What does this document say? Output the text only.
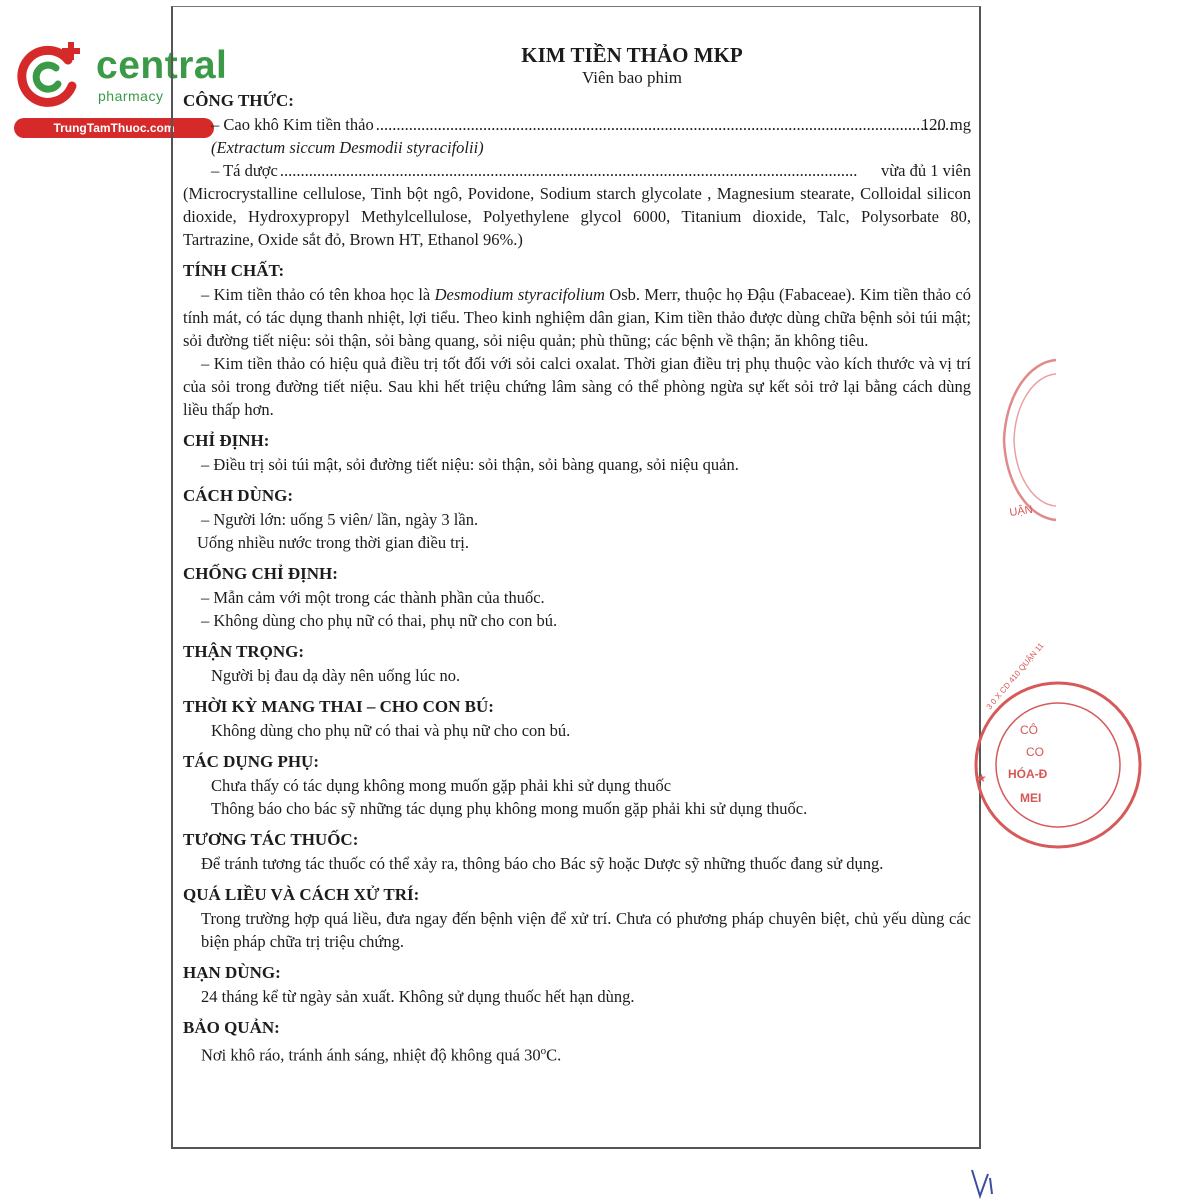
central
pharmacy
TrungTamThuoc.com
KIM TIỀN THẢO MKP
Viên bao phim
CÔNG THỨC:
– Cao khô Kim tiền thảo .....	120 mg
(Extractum siccum Desmodii styracifolii)
– Tá dược .....	vừa đủ 1 viên
(Microcrystalline cellulose, Tinh bột ngô, Povidone, Sodium starch glycolate , Magnesium stearate, Colloidal silicon dioxide, Hydroxypropyl Methylcellulose, Polyethylene glycol 6000, Titanium dioxide, Talc, Polysorbate 80, Tartrazine, Oxide sắt đỏ, Brown HT, Ethanol 96%.)
TÍNH CHẤT:
– Kim tiền thảo có tên khoa học là Desmodium styracifolium Osb. Merr, thuộc họ Đậu (Fabaceae). Kim tiền thảo có tính mát, có tác dụng thanh nhiệt, lợi tiểu. Theo kinh nghiệm dân gian, Kim tiền thảo được dùng chữa bệnh sỏi túi mật; sỏi đường tiết niệu: sỏi thận, sỏi bàng quang, sỏi niệu quản; phù thũng; các bệnh về thận; ăn không tiêu.
– Kim tiền thảo có hiệu quả điều trị tốt đối với sỏi calci oxalat. Thời gian điều trị phụ thuộc vào kích thước và vị trí của sỏi trong đường tiết niệu. Sau khi hết triệu chứng lâm sàng có thể phòng ngừa sự kết sỏi trở lại bằng cách dùng liều thấp hơn.
CHỈ ĐỊNH:
– Điều trị sỏi túi mật, sỏi đường tiết niệu: sỏi thận, sỏi bàng quang, sỏi niệu quản.
CÁCH DÙNG:
– Người lớn: uống 5 viên/ lần, ngày 3 lần.
Uống nhiều nước trong thời gian điều trị.
CHỐNG CHỈ ĐỊNH:
– Mẫn cảm với một trong các thành phần của thuốc.
– Không dùng cho phụ nữ có thai, phụ nữ cho con bú.
THẬN TRỌNG:
Người bị đau dạ dày nên uống lúc no.
THỜI KỲ MANG THAI – CHO CON BÚ:
Không dùng cho phụ nữ có thai và phụ nữ cho con bú.
TÁC DỤNG PHỤ:
Chưa thấy có tác dụng không mong muốn gặp phải khi sử dụng thuốc
Thông báo cho bác sỹ những tác dụng phụ không mong muốn gặp phải khi sử dụng thuốc.
TƯƠNG TÁC THUỐC:
Để tránh tương tác thuốc có thể xảy ra, thông báo cho Bác sỹ hoặc Dược sỹ những thuốc đang sử dụng.
QUÁ LIỀU VÀ CÁCH XỬ TRÍ:
Trong trường hợp quá liều, đưa ngay đến bệnh viện để xử trí. Chưa có phương pháp chuyên biệt, chủ yếu dùng các biện pháp chữa trị triệu chứng.
HẠN DÙNG:
24 tháng kể từ ngày sản xuất. Không sử dụng thuốc hết hạn dùng.
BẢO QUẢN:
Nơi khô ráo, tránh ánh sáng, nhiệt độ không quá 30$^o$C.
UẬN
CÔ
CO
HÓA-Đ
MEI
3 0 X CD 410 QUẬN 11
★
